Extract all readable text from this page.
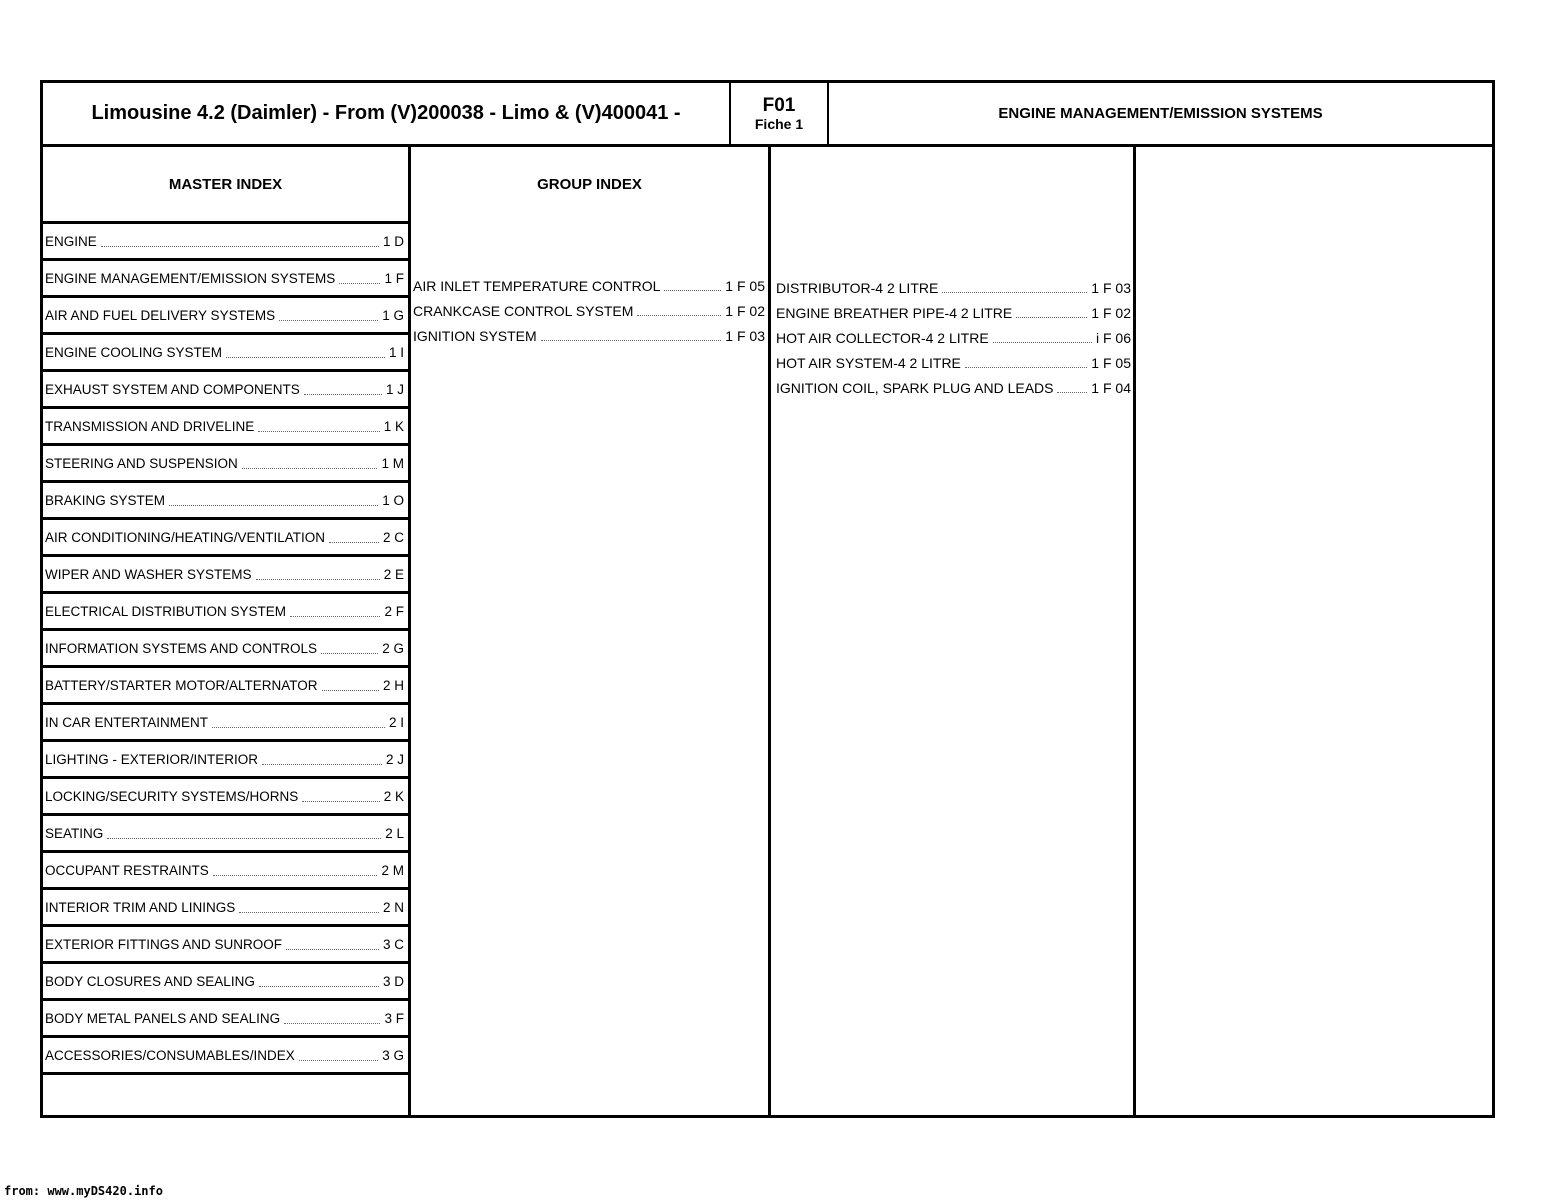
Limousine 4.2 (Daimler) - From (V)200038 - Limo & (V)400041 -	F01
Fiche 1
ENGINE MANAGEMENT/EMISSION SYSTEMS
MASTER INDEX	GROUP INDEX
ENGINE	1 D
ENGINE MANAGEMENT/EMISSION SYSTEMS	1 F
AIR AND FUEL DELIVERY SYSTEMS	1 G
ENGINE COOLING SYSTEM	1 I
EXHAUST SYSTEM AND COMPONENTS	1 J
TRANSMISSION AND DRIVELINE	1 K
STEERING AND SUSPENSION	1 M
BRAKING SYSTEM	1 O
AIR CONDITIONING/HEATING/VENTILATION	2 C
WIPER AND WASHER SYSTEMS	2 E
ELECTRICAL DISTRIBUTION SYSTEM	2 F
INFORMATION SYSTEMS AND CONTROLS	2 G
BATTERY/STARTER MOTOR/ALTERNATOR	2 H
IN CAR ENTERTAINMENT	2 I
LIGHTING - EXTERIOR/INTERIOR	2 J
LOCKING/SECURITY SYSTEMS/HORNS	2 K
SEATING	2 L
OCCUPANT RESTRAINTS	2 M
INTERIOR TRIM AND LININGS	2 N
EXTERIOR FITTINGS AND SUNROOF	3 C
BODY CLOSURES AND SEALING	3 D
BODY METAL PANELS AND SEALING	3 F
ACCESSORIES/CONSUMABLES/INDEX	3 G
AIR INLET TEMPERATURE CONTROL	1 F 05
CRANKCASE CONTROL SYSTEM	1 F 02
IGNITION SYSTEM	1 F 03
DISTRIBUTOR-4 2 LITRE	1 F 03
ENGINE BREATHER PIPE-4 2 LITRE	1 F 02
HOT AIR COLLECTOR-4 2 LITRE	i F 06
HOT AIR SYSTEM-4 2 LITRE	1 F 05
IGNITION COIL, SPARK PLUG AND LEADS	1 F 04
from: www.myDS420.info
